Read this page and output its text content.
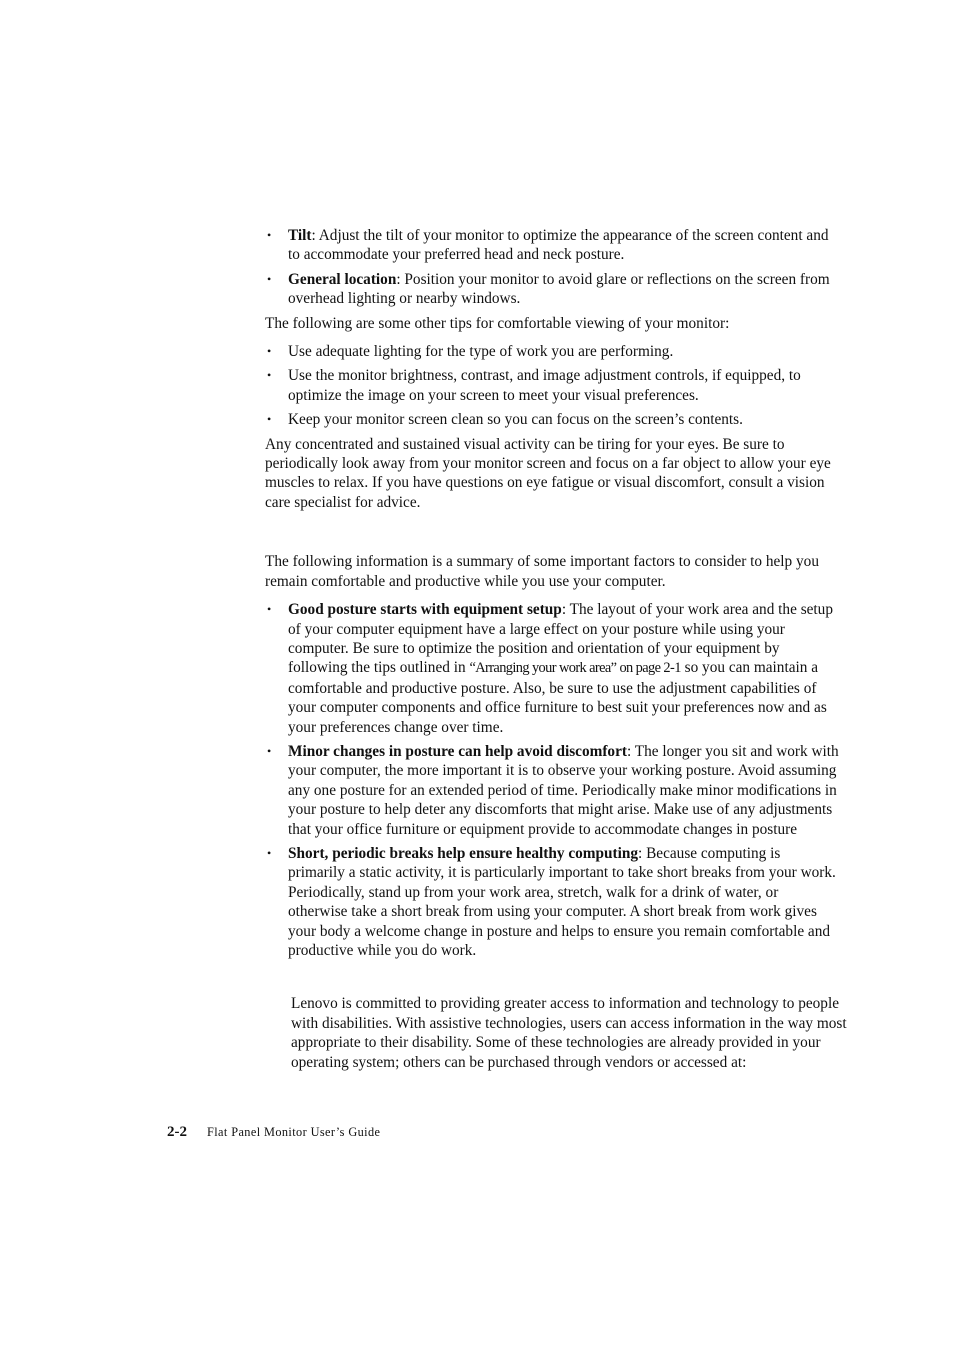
• Tilt: Adjust the tilt of your monitor to optimize the appearance of the screen content and to accommodate your preferred head and neck posture.
• General location: Position your monitor to avoid glare or reflections on the screen from overhead lighting or nearby windows.

The following are some other tips for comfortable viewing of your monitor:

• Use adequate lighting for the type of work you are performing.
• Use the monitor brightness, contrast, and image adjustment controls, if equipped, to optimize the image on your screen to meet your visual preferences.
• Keep your monitor screen clean so you can focus on the screen’s contents.

Any concentrated and sustained visual activity can be tiring for your eyes. Be sure to periodically look away from your monitor screen and focus on a far object to allow your eye muscles to relax. If you have questions on eye fatigue or visual discomfort, consult a vision care specialist for advice.

The following information is a summary of some important factors to consider to help you remain comfortable and productive while you use your computer.

• Good posture starts with equipment setup: The layout of your work area and the setup of your computer equipment have a large effect on your posture while using your computer. Be sure to optimize the position and orientation of your equipment by following the tips outlined in “Arranging your work area” on page 2-1 so you can maintain a comfortable and productive posture. Also, be sure to use the adjustment capabilities of your computer components and office furniture to best suit your preferences now and as your preferences change over time.
• Minor changes in posture can help avoid discomfort: The longer you sit and work with your computer, the more important it is to observe your working posture. Avoid assuming any one posture for an extended period of time. Periodically make minor modifications in your posture to help deter any discomforts that might arise. Make use of any adjustments that your office furniture or equipment provide to accommodate changes in posture
• Short, periodic breaks help ensure healthy computing: Because computing is primarily a static activity, it is particularly important to take short breaks from your work. Periodically, stand up from your work area, stretch, walk for a drink of water, or otherwise take a short break from using your computer. A short break from work gives your body a welcome change in posture and helps to ensure you remain comfortable and productive while you do work.

Lenovo is committed to providing greater access to information and technology to people with disabilities. With assistive technologies, users can access information in the way most appropriate to their disability. Some of these technologies are already provided in your operating system; others can be purchased through vendors or accessed at:

2-2 Flat Panel Monitor User’s Guide
